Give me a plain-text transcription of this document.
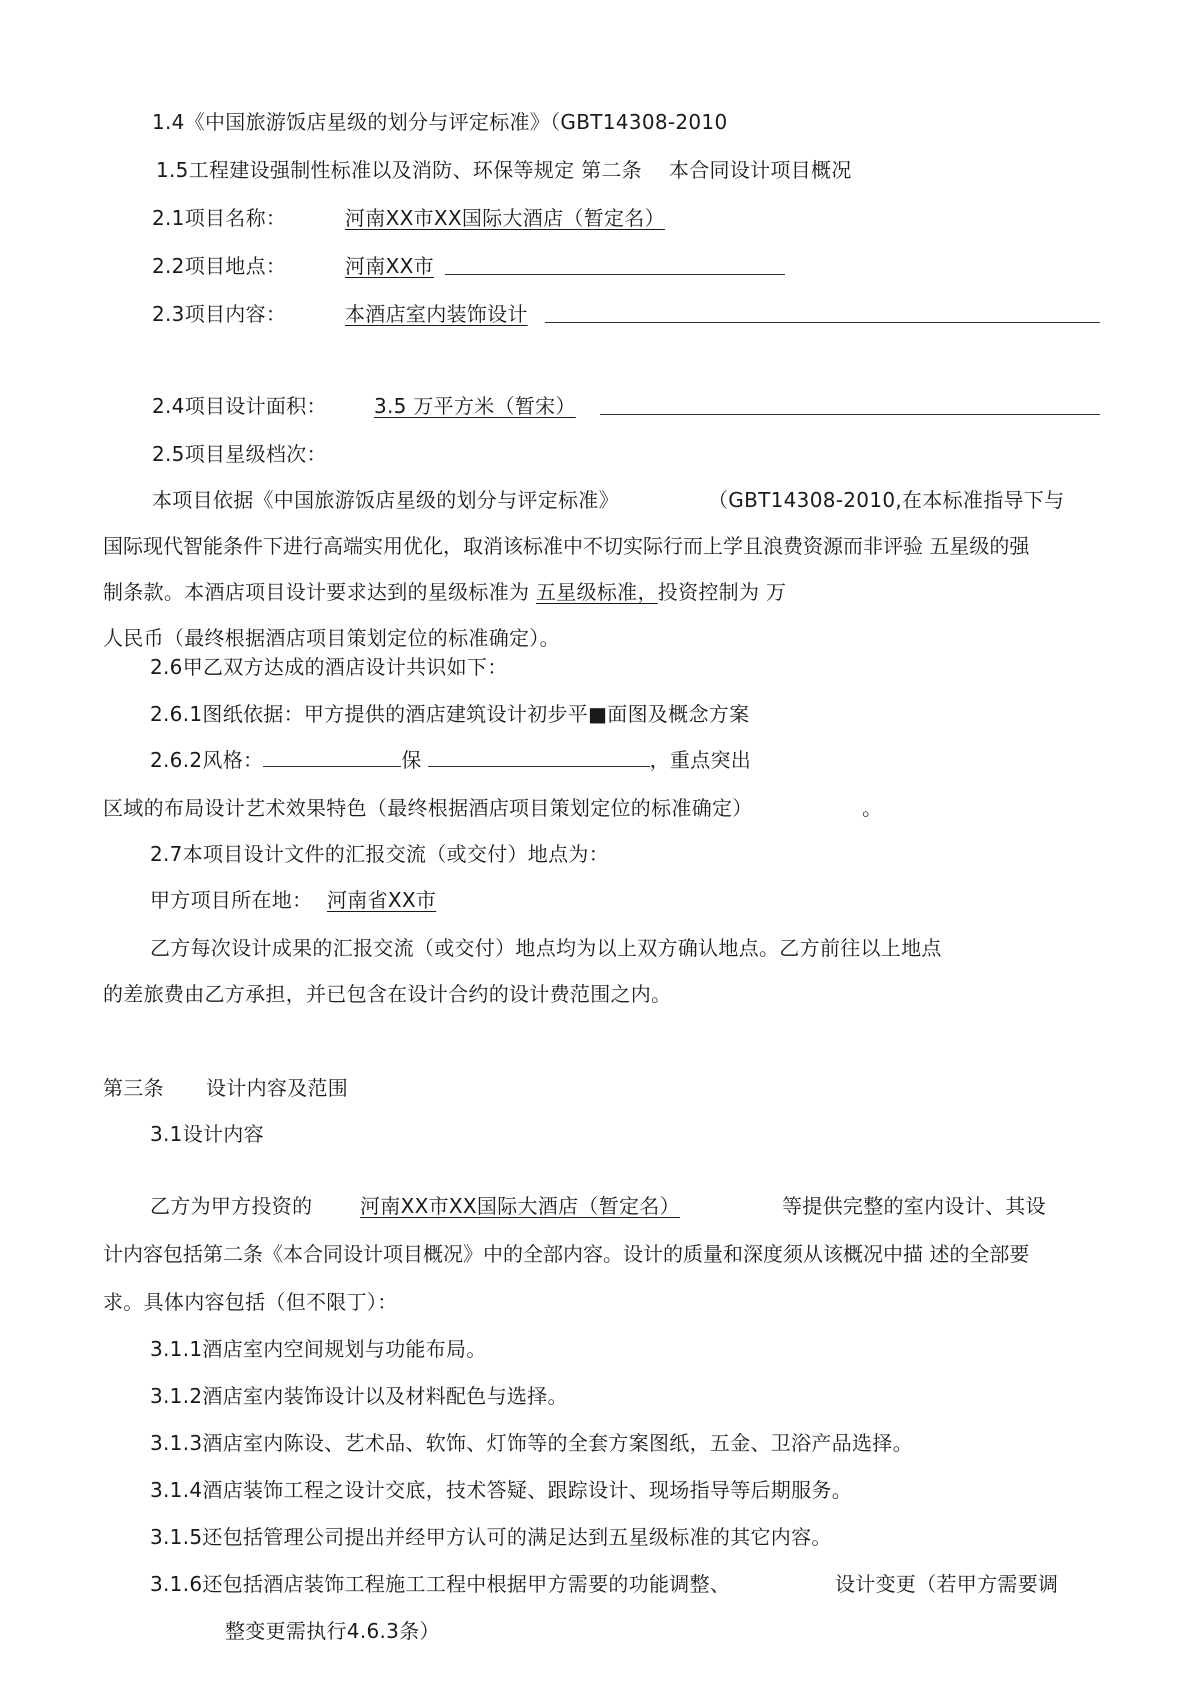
1.4《中国旅游饭店星级的划分与评定标准》（GBT14308-2010
1.5工程建设强制性标准以及消防、环保等规定 第二条　 本合同设计项目概况
2.1项目名称：	河南XX市XX国际大酒店（暂定名）
2.2项目地点：	河南XX市
2.3项目内容：	本酒店室内装饰设计
2.4项目设计面积： 3.5 万平方米（暂宋）
2.5项目星级档次：
本项目依据《中国旅游饭店星级的划分与评定标准》	（GBT14308-2010,在本标准指导下与
国际现代智能条件下进行高端实用优化，取消该标准中不切实际行而上学且浪费资源而非评验 五星级的强
制条款。本酒店项目设计要求达到的星级标准为 五星级标准，投资控制为 万
人民币（最终根据酒店项目策划定位的标准确定）。
2.6甲乙双方达成的酒店设计共识如下：
2.6.1图纸依据：甲方提供的酒店建筑设计初步平■面图及概念方案
2.6.2风格：	保	，重点突出
区域的布局设计艺术效果特色（最终根据酒店项目策划定位的标准确定）	。
2.7本项目设计文件的汇报交流（或交付）地点为：
甲方项目所在地： 河南省XX市
乙方每次设计成果的汇报交流（或交付）地点均为以上双方确认地点。乙方前往以上地点
的差旅费由乙方承担，并已包含在设计合约的设计费范围之内。
第三条 设计内容及范围
3.1设计内容
乙方为甲方投资的 河南XX市XX国际大酒店（暂定名）	等提供完整的室内设计、其设
计内容包括第二条《本合同设计项目概况》中的全部内容。设计的质量和深度须从该概况中描 述的全部要
求。具体内容包括（但不限丁）：
3.1.1酒店室内空间规划与功能布局。
3.1.2酒店室内装饰设计以及材料配色与选择。
3.1.3酒店室内陈设、艺术品、软饰、灯饰等的全套方案图纸，五金、卫浴产品选择。
3.1.4酒店装饰工程之设计交底，技术答疑、跟踪设计、现场指导等后期服务。
3.1.5还包括管理公司提出并经甲方认可的满足达到五星级标准的其它内容。
3.1.6还包括酒店装饰工程施工工程中根据甲方需要的功能调整、	设计变更（若甲方需要调
整变更需执行4.6.3条）
